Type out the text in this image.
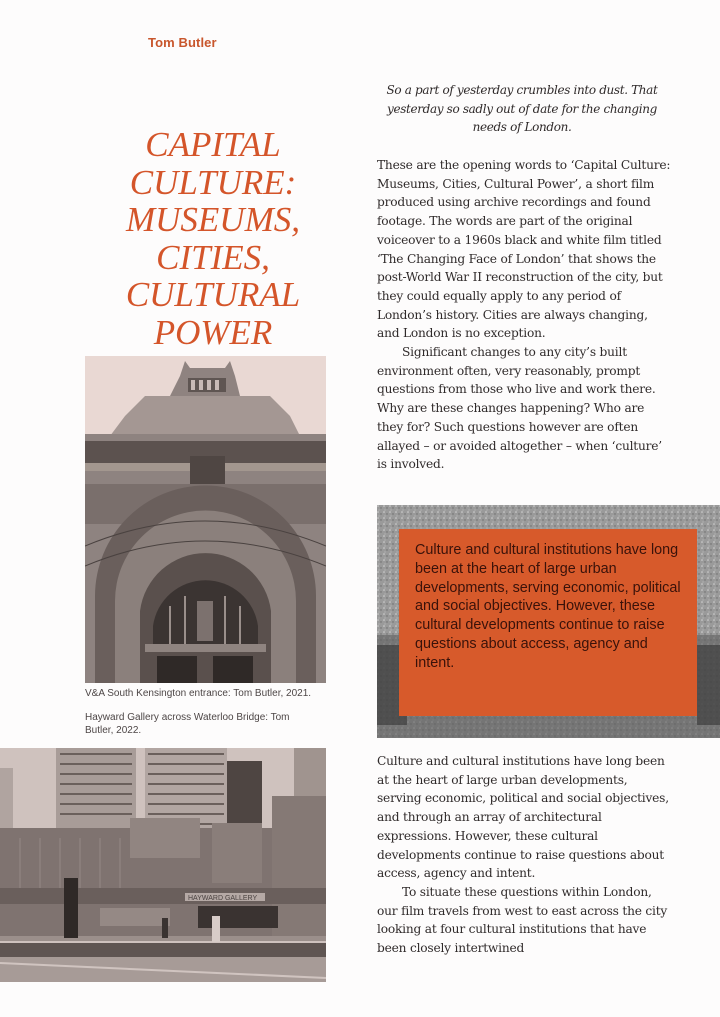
Tom Butler
CAPITAL
CULTURE:
MUSEUMS,
CITIES,
CULTURAL
POWER
V&A South Kensington entrance: Tom Butler, 2021.
Hayward Gallery across Waterloo Bridge: Tom Butler, 2022.
HAYWARD GALLERY
So a part of yesterday crumbles into dust. That
yesterday so sadly out of date for the changing
needs of London.

These are the opening words to ‘Capital Culture: Museums, Cities, Cultural Power’, a short film produced using archive recordings and found footage. The words are part of the original voiceover to a 1960s black and white film titled ‘The Changing Face of London’ that shows the post-World War II reconstruction of the city, but they could equally apply to any period of London’s history. Cities are always changing, and London is no exception.

Significant changes to any city’s built environment often, very reasonably, prompt questions from those who live and work there. Why are these changes happening? Who are they for? Such questions however are often allayed – or avoided altogether – when ‘culture’ is involved.

Culture and cultural institutions have long been at the heart of large urban developments, serving economic, political and social objectives. However, these cultural developments continue to raise questions about access, agency and intent.

Culture and cultural institutions have long been at the heart of large urban developments, serving economic, political and social objectives, and through an array of architectural expressions. However, these cultural developments continue to raise questions about access, agency and intent.

To situate these questions within London, our film travels from west to east across the city looking at four cultural institutions that have been closely intertwined
